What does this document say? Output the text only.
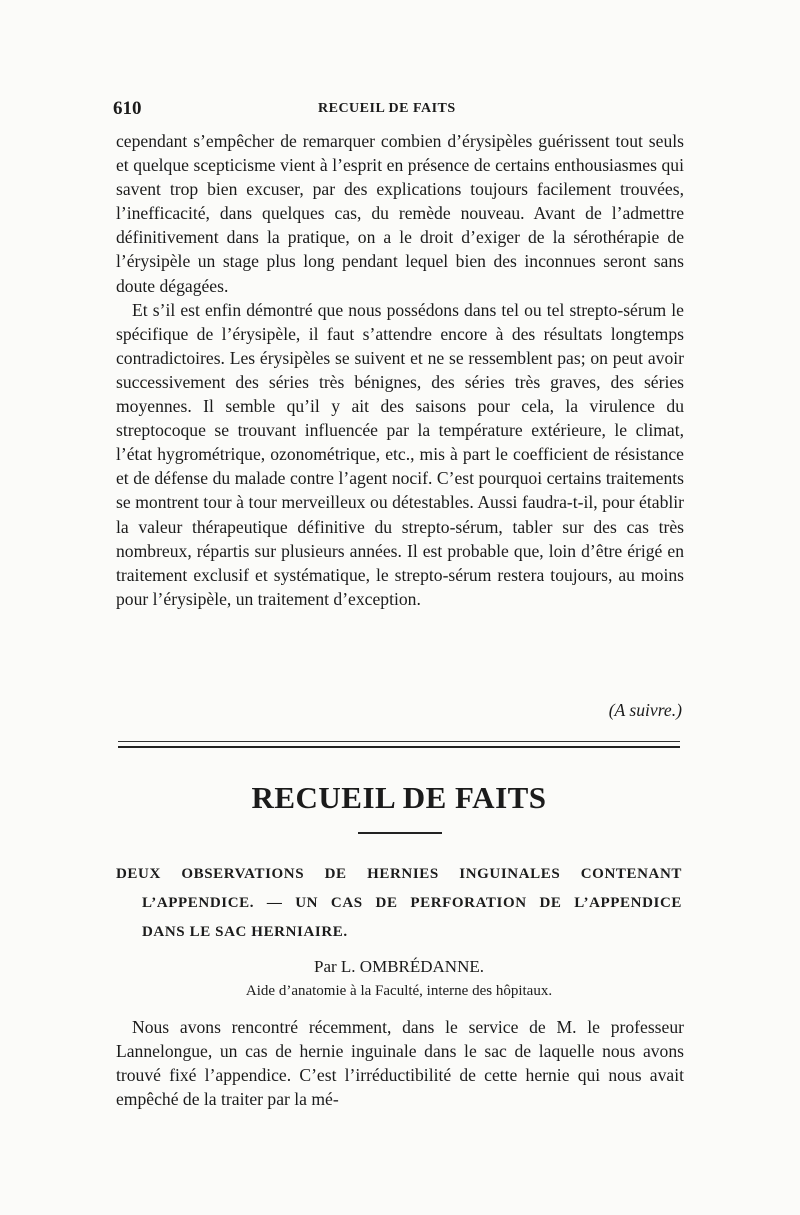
610	RECUEIL DE FAITS

cependant s’empêcher de remarquer combien d’érysipèles guérissent tout seuls et quelque scepticisme vient à l’esprit en présence de certains enthousiasmes qui savent trop bien excuser, par des explications toujours facilement trouvées, l’inefficacité, dans quelques cas, du remède nouveau. Avant de l’admettre définitivement dans la pratique, on a le droit d’exiger de la sérothérapie de l’érysipèle un stage plus long pendant lequel bien des inconnues seront sans doute dégagées.

Et s’il est enfin démontré que nous possédons dans tel ou tel strepto-sérum le spécifique de l’érysipèle, il faut s’attendre encore à des résultats longtemps contradictoires. Les érysipèles se suivent et ne se ressemblent pas; on peut avoir successivement des séries très bénignes, des séries très graves, des séries moyennes. Il semble qu’il y ait des saisons pour cela, la virulence du streptocoque se trouvant influencée par la température extérieure, le climat, l’état hygrométrique, ozonométrique, etc., mis à part le coefficient de résistance et de défense du malade contre l’agent nocif. C’est pourquoi certains traitements se montrent tour à tour merveilleux ou détestables. Aussi faudra-t-il, pour établir la valeur thérapeutique définitive du strepto-sérum, tabler sur des cas très nombreux, répartis sur plusieurs années. Il est probable que, loin d’être érigé en traitement exclusif et systématique, le strepto-sérum restera toujours, au moins pour l’érysipèle, un traitement d’exception.

(A suivre.)
RECUEIL DE FAITS
DEUX OBSERVATIONS DE HERNIES INGUINALES CONTENANT
L’APPENDICE. — UN CAS DE PERFORATION DE L’APPENDICE
DANS LE SAC HERNIAIRE.
Par L. OMBRÉDANNE.
Aide d’anatomie à la Faculté, interne des hôpitaux.

Nous avons rencontré récemment, dans le service de M. le professeur Lannelongue, un cas de hernie inguinale dans le sac de laquelle nous avons trouvé fixé l’appendice. C’est l’irréductibilité de cette hernie qui nous avait empêché de la traiter par la mé-
